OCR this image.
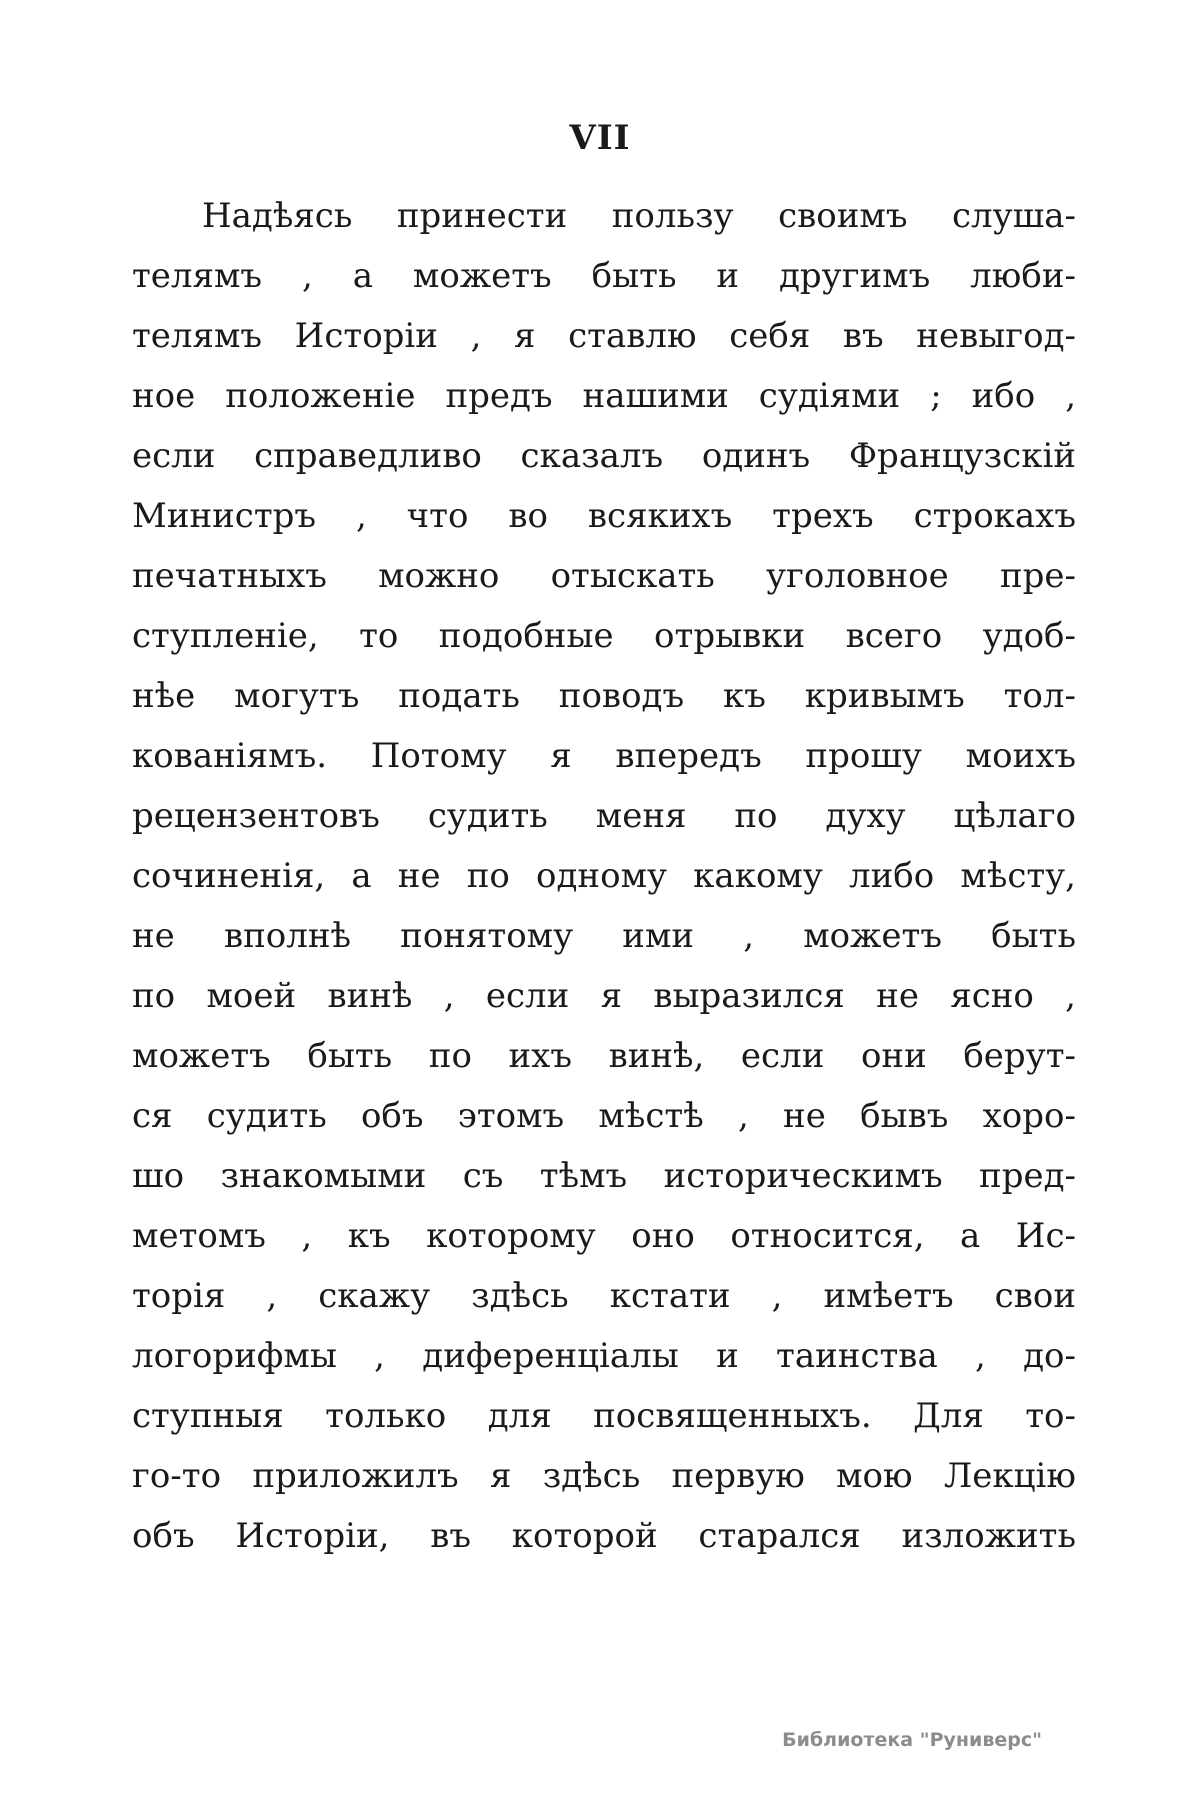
VII
Надѣясь принести пользу своимъ слуша-
телямъ , а можетъ быть и другимъ люби-
телямъ Исторіи , я ставлю себя въ невыгод-
ное положеніе предъ нашими судіями ; ибо ,
если справедливо сказалъ одинъ Французскій
Министръ , что во всякихъ трехъ строкахъ
печатныхъ можно отыскать уголовное пре-
ступленіе, то подобные отрывки всего удоб-
нѣе могутъ подать поводъ къ кривымъ тол-
кованіямъ. Потому я впередъ прошу моихъ
рецензентовъ судить меня по духу цѣлаго
сочиненія, а не по одному какому либо мѣсту,
не вполнѣ понятому ими , можетъ быть
по моей винѣ , если я выразился не ясно ,
можетъ быть по ихъ винѣ, если они берут-
ся судить объ этомъ мѣстѣ , не бывъ хоро-
шо знакомыми съ тѣмъ историческимъ пред-
метомъ , къ которому оно относится, а Ис-
торія , скажу здѣсь кстати , имѣетъ свои
логорифмы , диференціалы и таинства , до-
ступныя только для посвященныхъ. Для то-
го-то приложилъ я здѣсь первую мою Лекцію
объ Исторіи, въ которой старался изложить
Библиотека "Руниверс"
